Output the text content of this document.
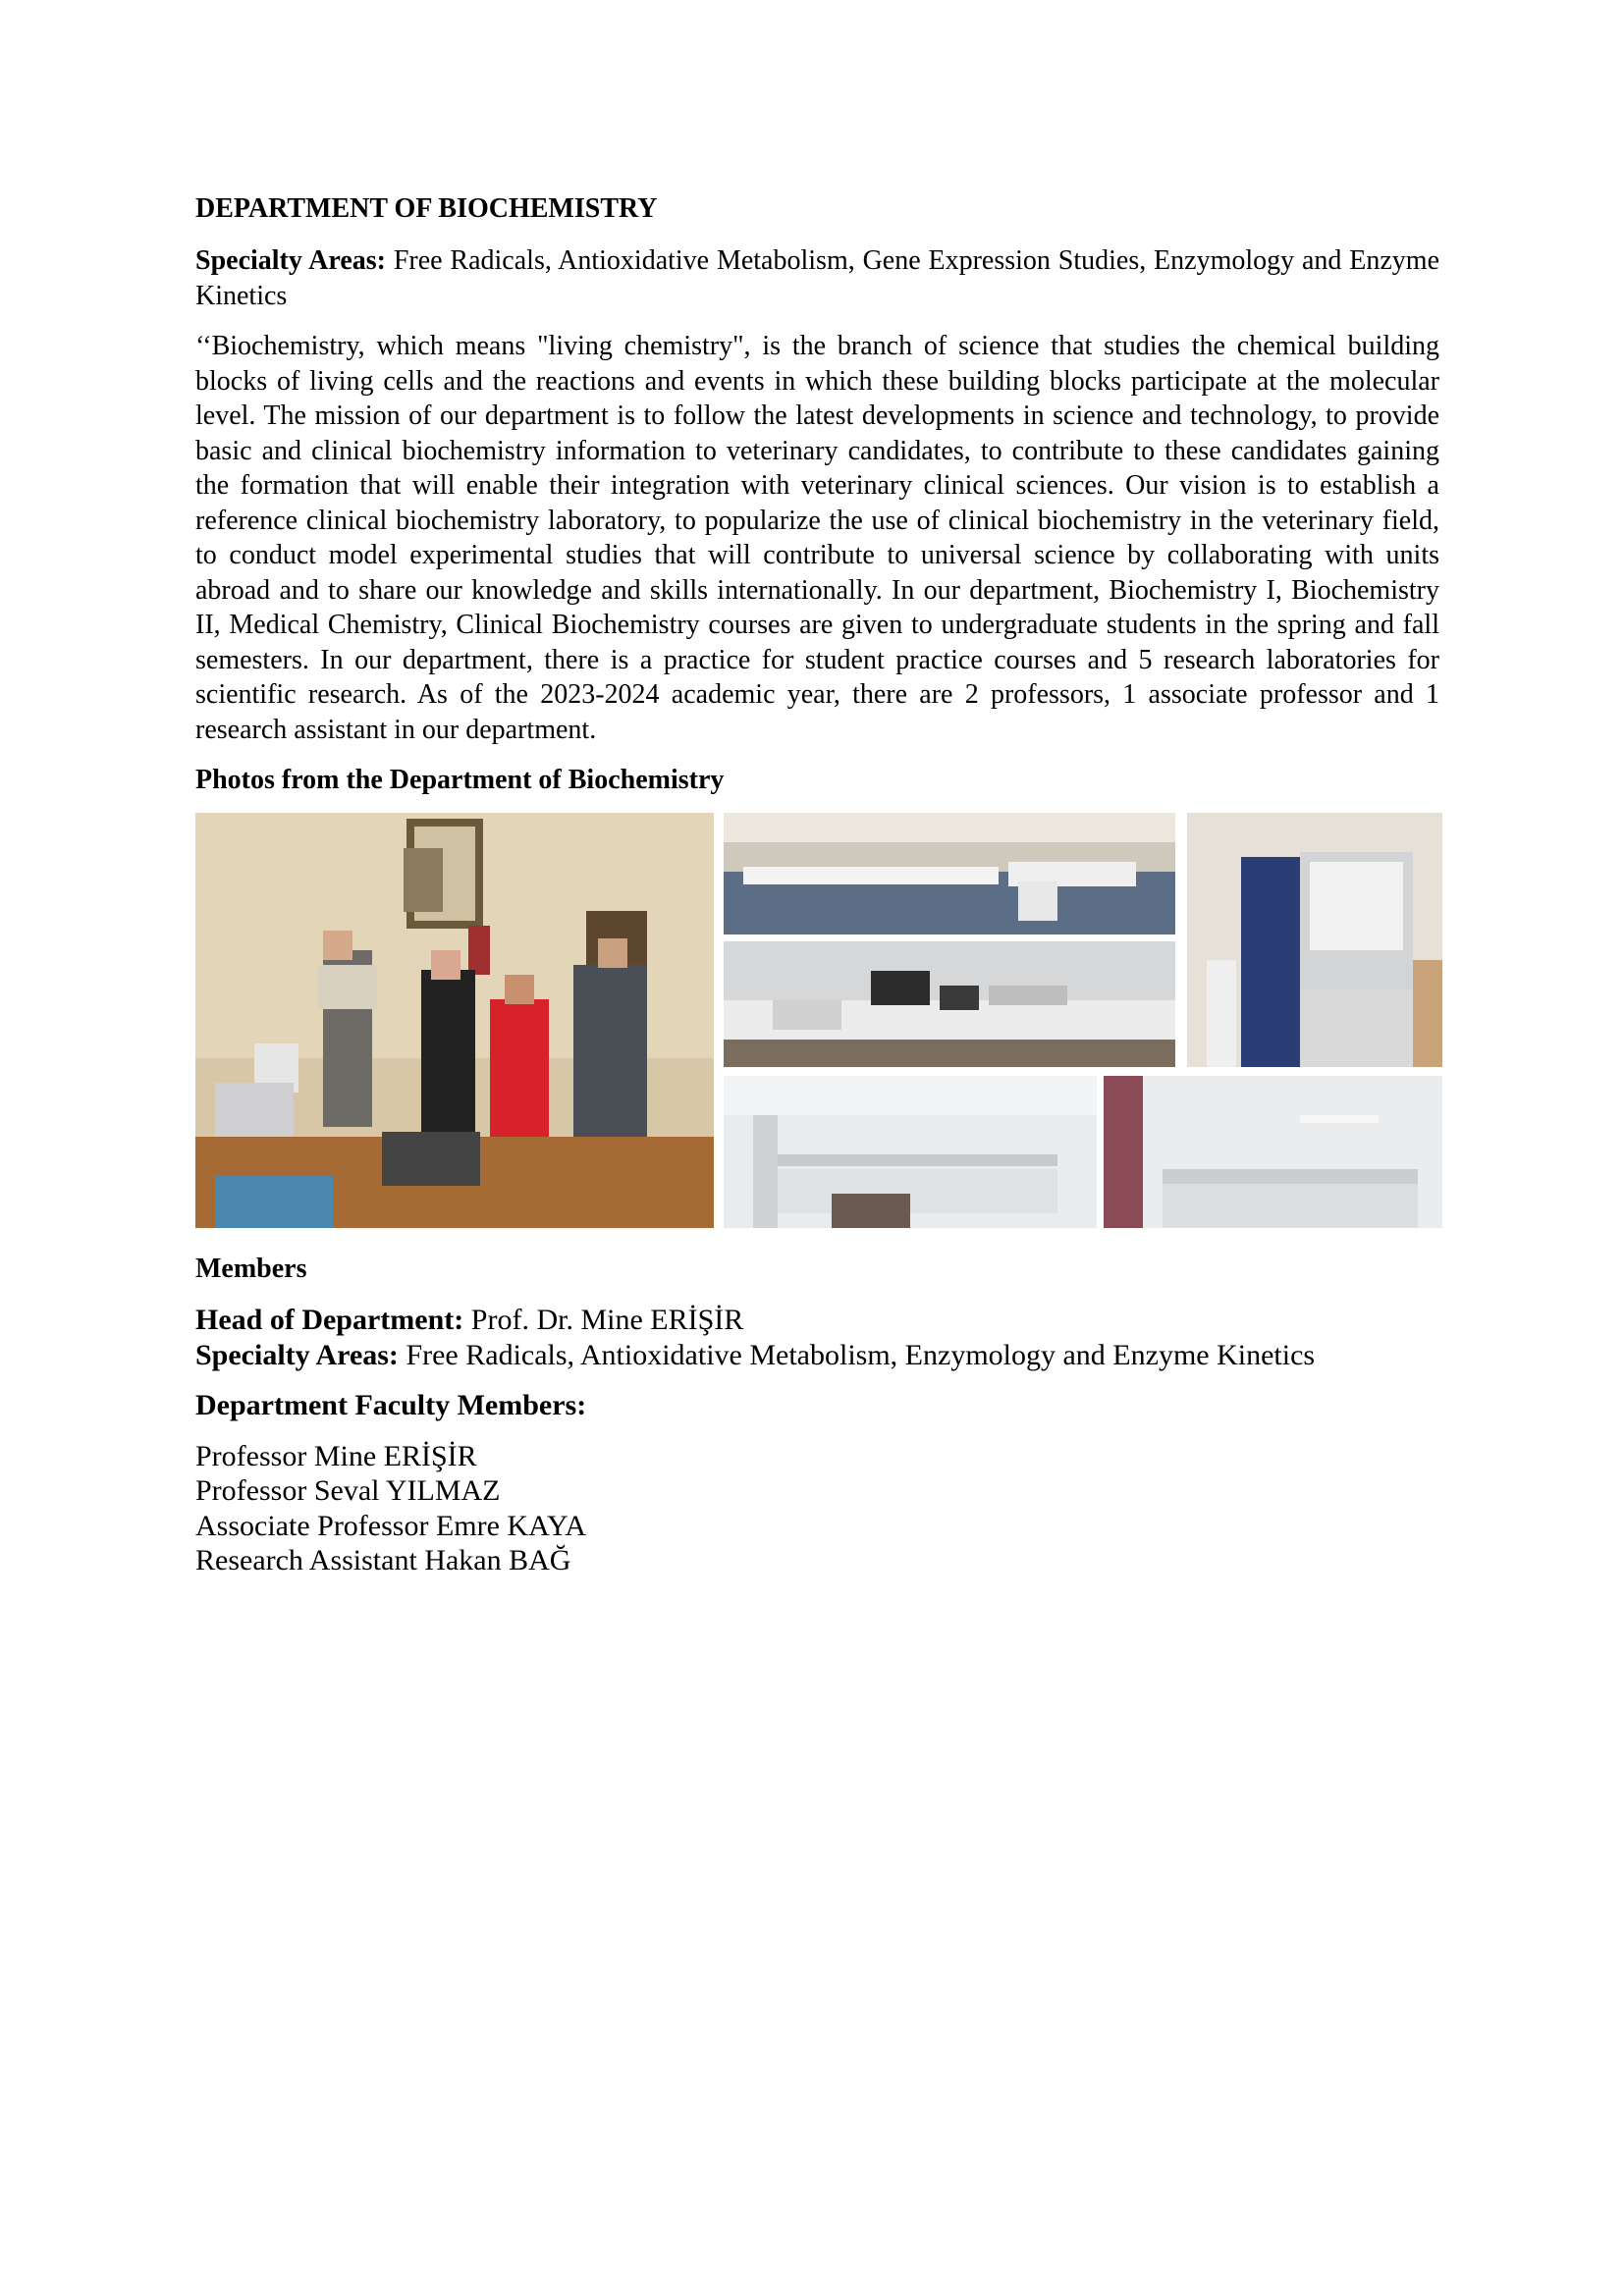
DEPARTMENT OF BIOCHEMISTRY

Specialty Areas: Free Radicals, Antioxidative Metabolism, Gene Expression Studies, Enzymology and Enzyme Kinetics

‘‘Biochemistry, which means "living chemistry", is the branch of science that studies the chemical building blocks of living cells and the reactions and events in which these building blocks participate at the molecular level. The mission of our department is to follow the latest developments in science and technology, to provide basic and clinical biochemistry information to veterinary candidates, to contribute to these candidates gaining the formation that will enable their integration with veterinary clinical sciences. Our vision is to establish a reference clinical biochemistry laboratory, to popularize the use of clinical biochemistry in the veterinary field, to conduct model experimental studies that will contribute to universal science by collaborating with units abroad and to share our knowledge and skills internationally. In our department, Biochemistry I, Biochemistry II, Medical Chemistry, Clinical Biochemistry courses are given to undergraduate students in the spring and fall semesters. In our department, there is a practice for student practice courses and 5 research laboratories for scientific research. As of the 2023-2024 academic year, there are 2 professors, 1 associate professor and 1 research assistant in our department.

Photos from the Department of Biochemistry

Members

Head of Department: Prof. Dr. Mine ERİŞİR
Specialty Areas: Free Radicals, Antioxidative Metabolism, Enzymology and Enzyme Kinetics

Department Faculty Members:

Professor Mine ERİŞİR
Professor Seval YILMAZ
Associate Professor Emre KAYA
Research Assistant Hakan BAĞ
